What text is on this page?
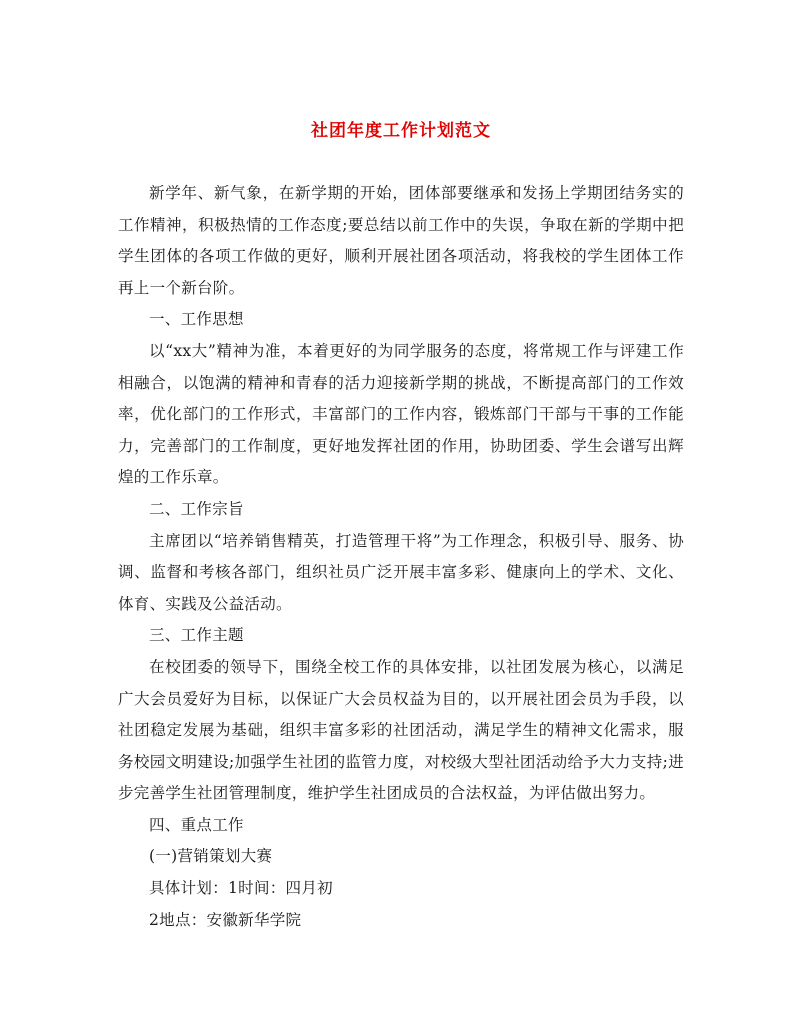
社团年度工作计划范文

新学年、新气象，在新学期的开始，团体部要继承和发扬上学期团结务实的工作精神，积极热情的工作态度;要总结以前工作中的失误，争取在新的学期中把学生团体的各项工作做的更好，顺利开展社团各项活动，将我校的学生团体工作再上一个新台阶。

一、工作思想

以“xx大”精神为准，本着更好的为同学服务的态度，将常规工作与评建工作相融合，以饱满的精神和青春的活力迎接新学期的挑战，不断提高部门的工作效率，优化部门的工作形式，丰富部门的工作内容，锻炼部门干部与干事的工作能力，完善部门的工作制度，更好地发挥社团的作用，协助团委、学生会谱写出辉煌的工作乐章。

二、工作宗旨

主席团以“培养销售精英，打造管理干将”为工作理念，积极引导、服务、协调、监督和考核各部门，组织社员广泛开展丰富多彩、健康向上的学术、文化、体育、实践及公益活动。

三、工作主题

在校团委的领导下，围绕全校工作的具体安排，以社团发展为核心，以满足广大会员爱好为目标，以保证广大会员权益为目的，以开展社团会员为手段，以社团稳定发展为基础，组织丰富多彩的社团活动，满足学生的精神文化需求，服务校园文明建设;加强学生社团的监管力度，对校级大型社团活动给予大力支持;进步完善学生社团管理制度，维护学生社团成员的合法权益，为评估做出努力。

四、重点工作

(一)营销策划大赛

具体计划：1时间：四月初

2地点：安徽新华学院
